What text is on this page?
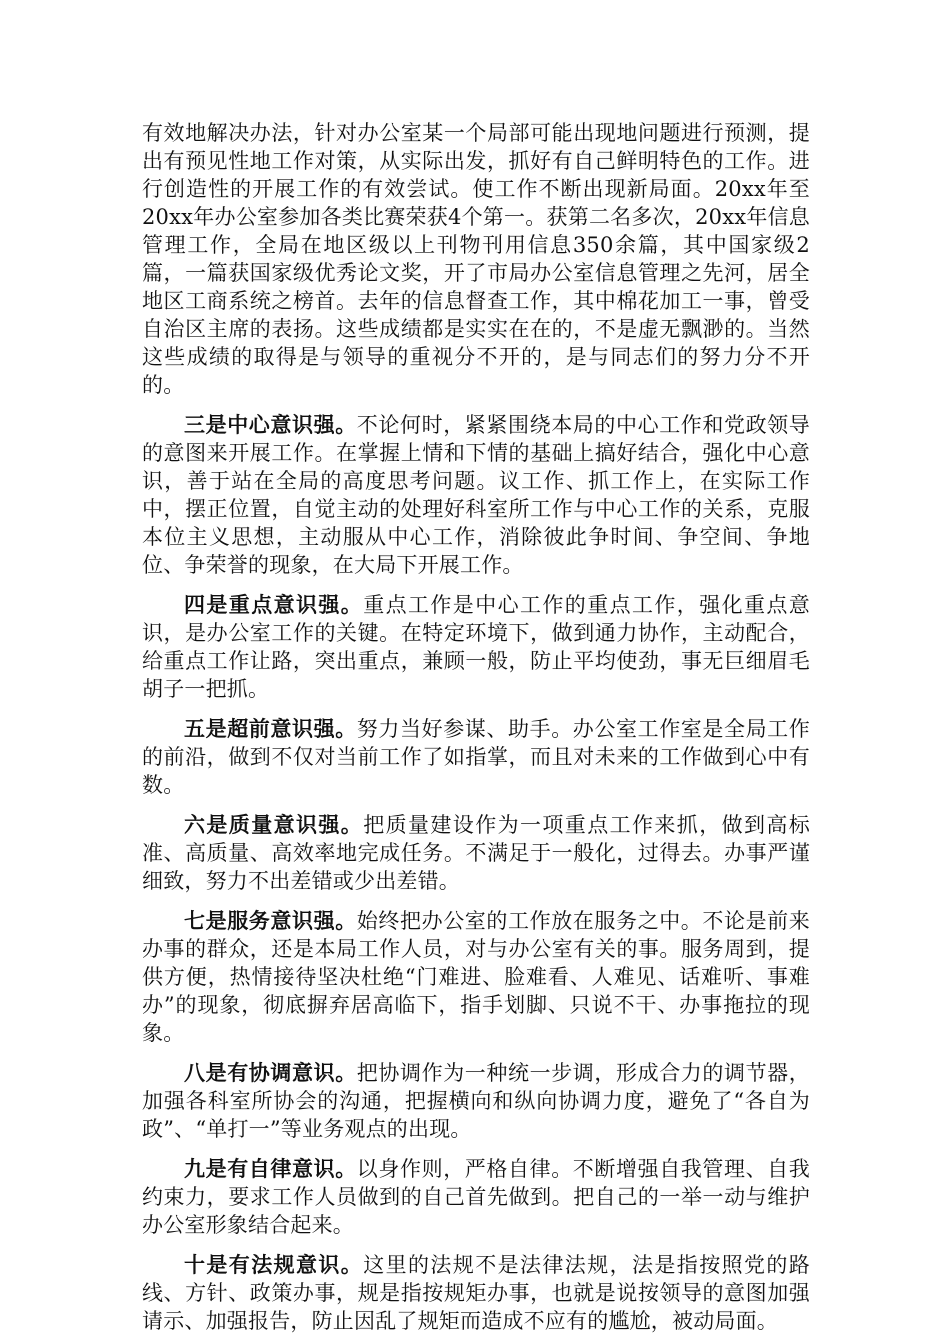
有效地解决办法，针对办公室某一个局部可能出现地问题进行预测，提出有预见性地工作对策，从实际出发，抓好有自己鲜明特色的工作。进行创造性的开展工作的有效尝试。使工作不断出现新局面。20xx年至20xx年办公室参加各类比赛荣获4个第一。获第二名多次，20xx年信息管理工作，全局在地区级以上刊物刊用信息350余篇，其中国家级2篇，一篇获国家级优秀论文奖，开了市局办公室信息管理之先河，居全地区工商系统之榜首。去年的信息督查工作，其中棉花加工一事，曾受自治区主席的表扬。这些成绩都是实实在在的，不是虚无飘渺的。当然这些成绩的取得是与领导的重视分不开的，是与同志们的努力分不开的。

三是中心意识强。不论何时，紧紧围绕本局的中心工作和党政领导的意图来开展工作。在掌握上情和下情的基础上搞好结合，强化中心意识，善于站在全局的高度思考问题。议工作、抓工作上，在实际工作中，摆正位置，自觉主动的处理好科室所工作与中心工作的关系，克服本位主义思想，主动服从中心工作，消除彼此争时间、争空间、争地位、争荣誉的现象，在大局下开展工作。

四是重点意识强。重点工作是中心工作的重点工作，强化重点意识，是办公室工作的关键。在特定环境下，做到通力协作，主动配合，给重点工作让路，突出重点，兼顾一般，防止平均使劲，事无巨细眉毛胡子一把抓。

五是超前意识强。努力当好参谋、助手。办公室工作室是全局工作的前沿，做到不仅对当前工作了如指掌，而且对未来的工作做到心中有数。

六是质量意识强。把质量建设作为一项重点工作来抓，做到高标准、高质量、高效率地完成任务。不满足于一般化，过得去。办事严谨细致，努力不出差错或少出差错。

七是服务意识强。始终把办公室的工作放在服务之中。不论是前来办事的群众，还是本局工作人员，对与办公室有关的事。服务周到，提供方便，热情接待坚决杜绝“门难进、脸难看、人难见、话难听、事难办”的现象，彻底摒弃居高临下，指手划脚、只说不干、办事拖拉的现象。

八是有协调意识。把协调作为一种统一步调，形成合力的调节器，加强各科室所协会的沟通，把握横向和纵向协调力度，避免了“各自为政”、“单打一”等业务观点的出现。

九是有自律意识。以身作则，严格自律。不断增强自我管理、自我约束力，要求工作人员做到的自己首先做到。把自己的一举一动与维护办公室形象结合起来。

十是有法规意识。这里的法规不是法律法规，法是指按照党的路线、方针、政策办事，规是指按规矩办事，也就是说按领导的意图加强请示、加强报告，防止因乱了规矩而造成不应有的尴尬，被动局面。
